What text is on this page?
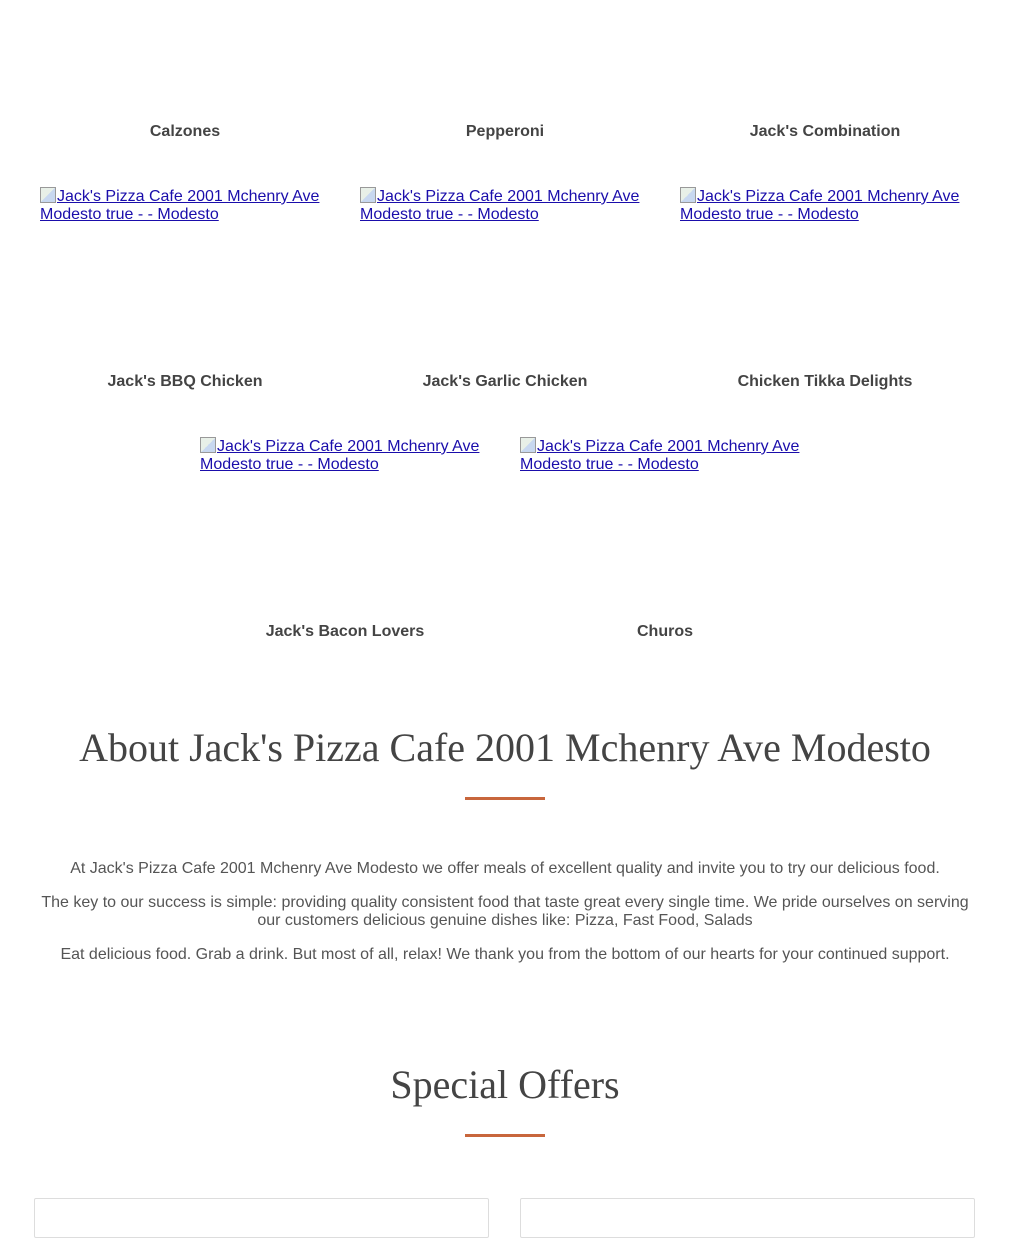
Calzones	Pepperoni	Jack's Combination
Jack's Pizza Cafe 2001 Mchenry Ave Modesto true - - Modesto
Jack's BBQ Chicken
Jack's Pizza Cafe 2001 Mchenry Ave Modesto true - - Modesto
Jack's Garlic Chicken
Jack's Pizza Cafe 2001 Mchenry Ave Modesto true - - Modesto
Chicken Tikka Delights
Jack's Pizza Cafe 2001 Mchenry Ave Modesto true - - Modesto
Jack's Bacon Lovers
Jack's Pizza Cafe 2001 Mchenry Ave Modesto true - - Modesto
Churos
About Jack's Pizza Cafe 2001 Mchenry Ave Modesto

At Jack's Pizza Cafe 2001 Mchenry Ave Modesto we offer meals of excellent quality and invite you to try our delicious food.

The key to our success is simple: providing quality consistent food that taste great every single time. We pride ourselves on serving our customers delicious genuine dishes like: Pizza, Fast Food, Salads

Eat delicious food. Grab a drink. But most of all, relax! We thank you from the bottom of our hearts for your continued support.

Special Offers
